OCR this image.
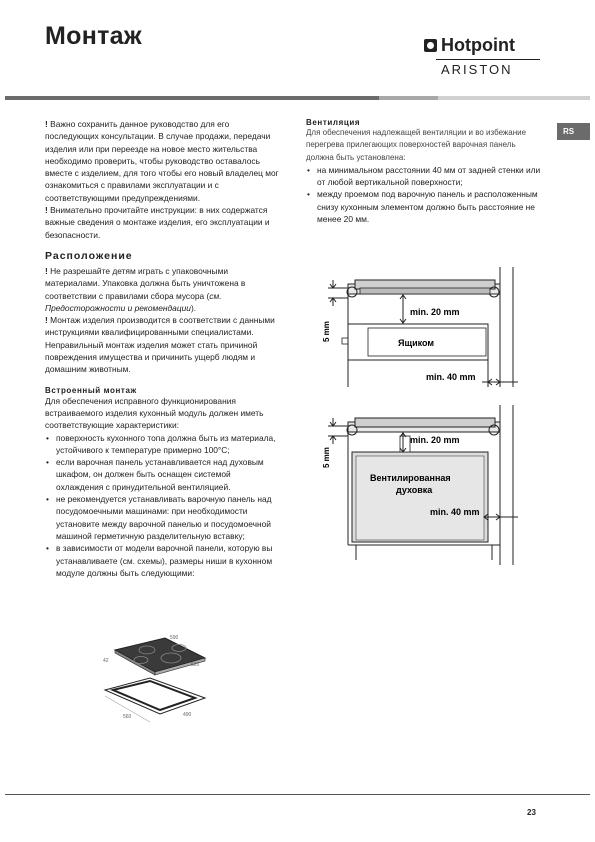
Монтаж	Hotpoint
ARISTON
RS
! Важно сохранить данное руководство для его последующих консультации. В случае продажи, передачи изделия или при переезде на новое место жительства необходимо проверить, чтобы руководство оставалось вместе с изделием, для того чтобы его новый владелец мог ознакомиться с правилами эксплуатации и с соответствующими предупреждениями.
! Внимательно прочитайте инструкции: в них содержатся важные сведения о монтаже изделия, его эксплуатации и безопасности.
Расположение
! Не разрешайте детям играть с упаковочными материалами. Упаковка должна быть уничтожена в соответствии с правилами сбора мусора (см. Предосторожности и рекомендации).
! Монтаж изделия производится в соответствии с данными инструкциями квалифицированными специалистами. Неправильный монтаж изделия может стать причиной повреждения имущества и причинить ущерб людям и домашним животным.
Встроенный монтаж
Для обеспечения исправного функционирования встраиваемого изделия кухонный модуль должен иметь соответствующие характеристики:
• поверхность кухонного топа должна быть из материала, устойчивого к температуре примерно 100°С;
• если варочная панель устанавливается над духовым шкафом, он должен быть оснащен системой охлаждения с принудительной вентиляцией.
• не рекомендуется устанавливать варочную панель над посудомоечными машинами: при необходимости установите между варочной панелью и посудомоечной машиной герметичную разделительную вставку;
• в зависимости от модели варочной панели, которую вы устанавливаете (см. схемы), размеры ниши в кухонном модуле должны быть следующими:
Вентиляция
Для обеспечения надлежащей вентиляции и во избежание
перегрева прилегающих поверхностей варочная панель должна быть установлена:
• на минимальном расстоянии 40 мм от задней стенки или от любой вертикальной поверхности;
• между проемом под варочную панель и расположенным снизу кухонным элементом должно быть расстояние не менее 20 мм.
5 mm
Ящиком
min. 20 mm
min. 40 mm
5 mm
Вентилированная
духовка
min. 20 mm
min. 40 mm
590
520
42
560	490
23
